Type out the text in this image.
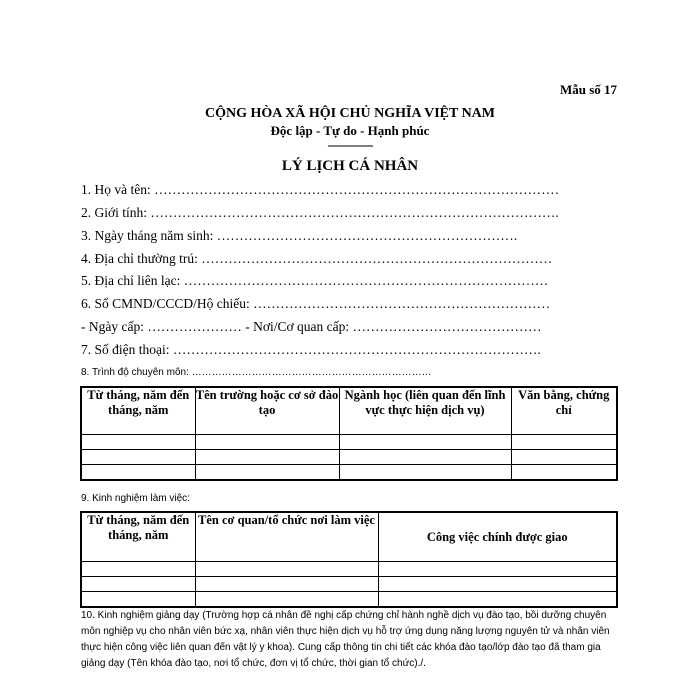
Mẫu số 17
CỘNG HÒA XÃ HỘI CHỦ NGHĨA VIỆT NAM
Độc lập - Tự do - Hạnh phúc
---------------
LÝ LỊCH CÁ NHÂN
1. Họ và tên: ………………………………………………………………………………
2. Giới tính: ……………………………………………………………………………….
3. Ngày tháng năm sinh: ………………………………………………………….
4. Địa chỉ thường trú: ……………………………………………………………………
5. Địa chỉ liên lạc: ………………………………………………………………………
6. Số CMND/CCCD/Hộ chiếu: …………………………………………………………
- Ngày cấp: ………………… - Nơi/Cơ quan cấp: ……………………………………
7. Số điện thoại: ……………………………………………………………………….
8. Trình độ chuyên môn: ………………………………………………………………
Từ tháng, năm đến tháng, năm	Tên trường hoặc cơ sở đào tạo	Ngành học (liên quan đến lĩnh vực thực hiện dịch vụ)	Văn bằng, chứng chỉ

9. Kinh nghiệm làm việc:
Từ tháng, năm đến tháng, năm	Tên cơ quan/tổ chức nơi làm việc	Công việc chính được giao

10. Kinh nghiệm giảng dạy (Trường hợp cá nhân đề nghị cấp chứng chỉ hành nghề dịch vụ đào tạo, bồi dưỡng chuyên môn nghiệp vụ cho nhân viên bức xạ, nhân viên thực hiện dịch vụ hỗ trợ ứng dụng năng lượng nguyên tử và nhân viên thực hiện công việc liên quan đến vật lý y khoa). Cung cấp thông tin chi tiết các khóa đào tạo/lớp đào tạo đã tham gia giảng dạy (Tên khóa đào tạo, nơi tổ chức, đơn vị tổ chức, thời gian tổ chức)./.
